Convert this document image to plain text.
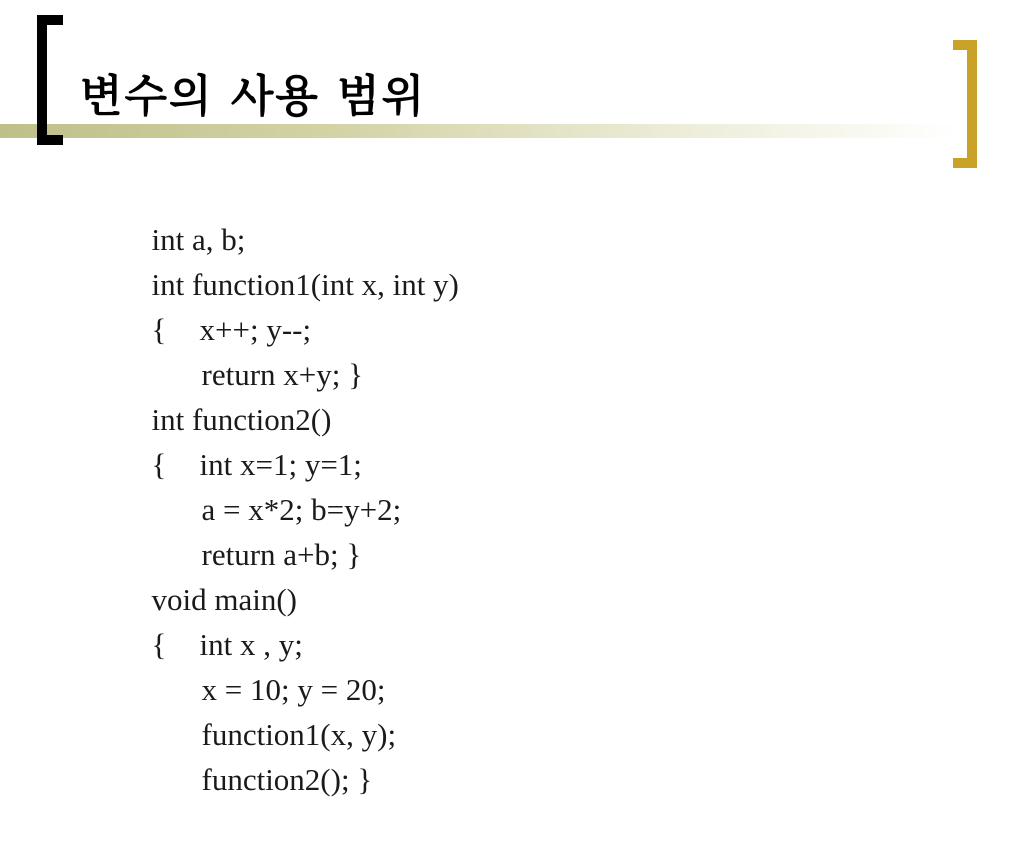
변수의 사용 범위

int a, b;

int function1(int x, int y)

{ x++; y--;

return x+y; }

int function2()

{ int x=1; y=1;

a = x*2; b=y+2;

return a+b; }

void main()

{ int x , y;

x = 10; y = 20;

function1(x, y);

function2(); }
